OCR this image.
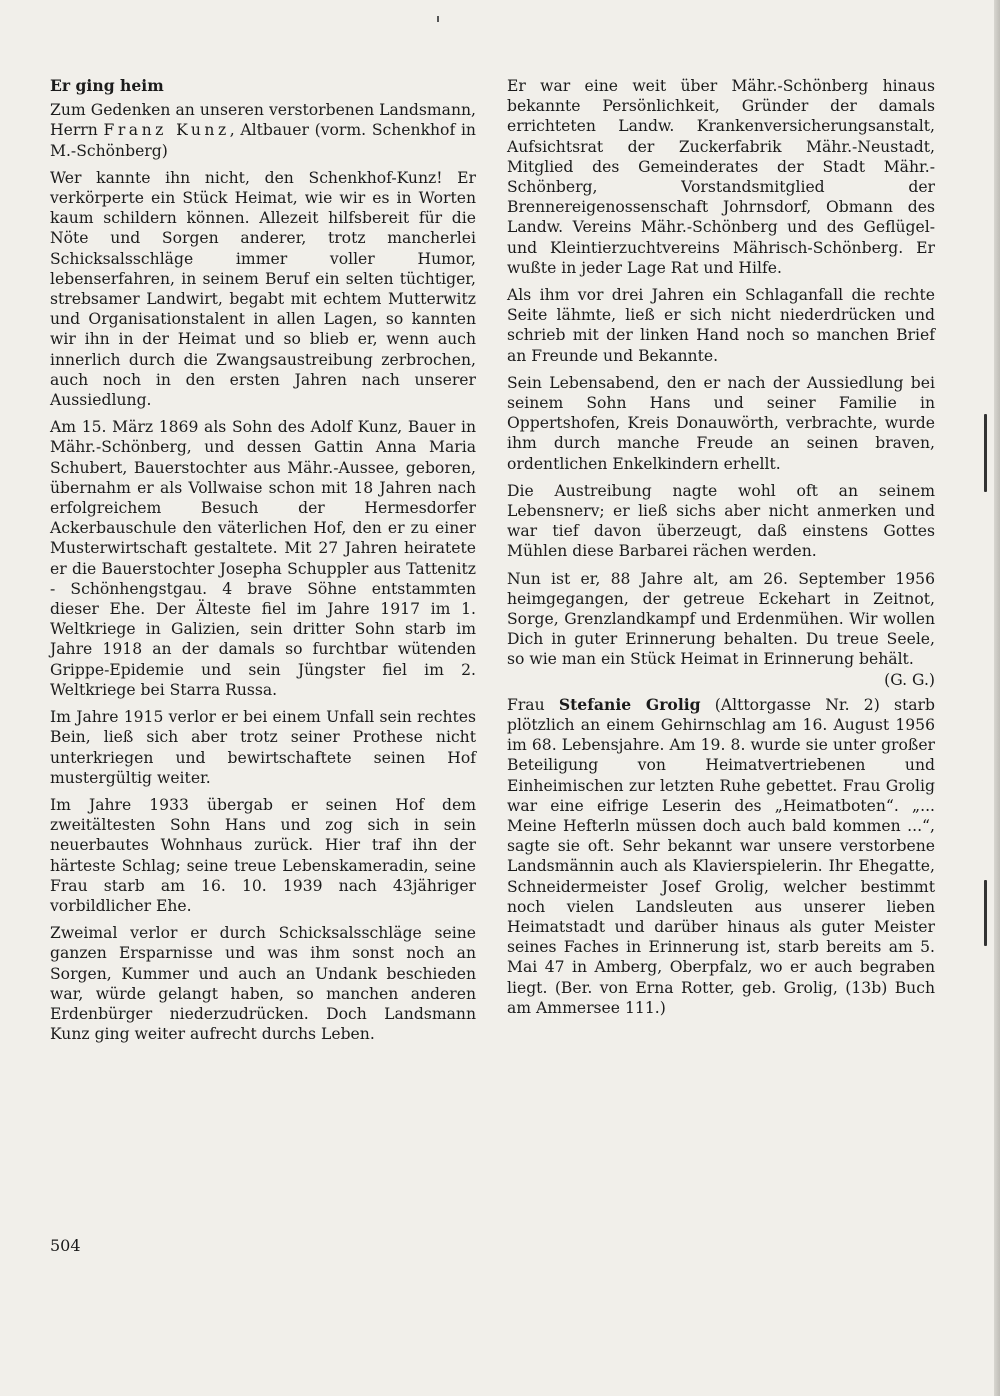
Er ging heim

Zum Gedenken an unseren verstorbenen Landsmann, Herrn Franz Kunz, Altbauer (vorm. Schenkhof in M.-Schönberg)

Wer kannte ihn nicht, den Schenkhof-Kunz! Er verkörperte ein Stück Heimat, wie wir es in Worten kaum schildern können. Allezeit hilfsbereit für die Nöte und Sorgen anderer, trotz mancherlei Schicksalsschläge immer voller Humor, lebenserfahren, in seinem Beruf ein selten tüchtiger, strebsamer Landwirt, begabt mit echtem Mutterwitz und Organisationstalent in allen Lagen, so kannten wir ihn in der Heimat und so blieb er, wenn auch innerlich durch die Zwangsaustreibung zerbrochen, auch noch in den ersten Jahren nach unserer Aussiedlung.

Am 15. März 1869 als Sohn des Adolf Kunz, Bauer in Mähr.-Schönberg, und dessen Gattin Anna Maria Schubert, Bauerstochter aus Mähr.-Aussee, geboren, übernahm er als Vollwaise schon mit 18 Jahren nach erfolgreichem Besuch der Hermesdorfer Ackerbauschule den väterlichen Hof, den er zu einer Musterwirtschaft gestaltete. Mit 27 Jahren heiratete er die Bauerstochter Josepha Schuppler aus Tattenitz - Schönhengstgau. 4 brave Söhne entstammten dieser Ehe. Der Älteste fiel im Jahre 1917 im 1. Weltkriege in Galizien, sein dritter Sohn starb im Jahre 1918 an der damals so furchtbar wütenden Grippe-Epidemie und sein Jüngster fiel im 2. Weltkriege bei Starra Russa.

Im Jahre 1915 verlor er bei einem Unfall sein rechtes Bein, ließ sich aber trotz seiner Prothese nicht unterkriegen und bewirtschaftete seinen Hof mustergültig weiter.

Im Jahre 1933 übergab er seinen Hof dem zweitältesten Sohn Hans und zog sich in sein neuerbautes Wohnhaus zurück. Hier traf ihn der härteste Schlag; seine treue Lebenskameradin, seine Frau starb am 16. 10. 1939 nach 43jähriger vorbildlicher Ehe.

Zweimal verlor er durch Schicksalsschläge seine ganzen Ersparnisse und was ihm sonst noch an Sorgen, Kummer und auch an Undank beschieden war, würde gelangt haben, so manchen anderen Erdenbürger niederzudrücken. Doch Landsmann Kunz ging weiter aufrecht durchs Leben.

Er war eine weit über Mähr.-Schönberg hinaus bekannte Persönlichkeit, Gründer der damals errichteten Landw. Krankenversicherungsanstalt, Aufsichtsrat der Zuckerfabrik Mähr.-Neustadt, Mitglied des Gemeinderates der Stadt Mähr.-Schönberg, Vorstandsmitglied der Brennereigenossenschaft Johrnsdorf, Obmann des Landw. Vereins Mähr.-Schönberg und des Geflügel- und Kleintierzuchtvereins Mährisch-Schönberg. Er wußte in jeder Lage Rat und Hilfe.

Als ihm vor drei Jahren ein Schlaganfall die rechte Seite lähmte, ließ er sich nicht niederdrücken und schrieb mit der linken Hand noch so manchen Brief an Freunde und Bekannte.

Sein Lebensabend, den er nach der Aussiedlung bei seinem Sohn Hans und seiner Familie in Oppertshofen, Kreis Donauwörth, verbrachte, wurde ihm durch manche Freude an seinen braven, ordentlichen Enkelkindern erhellt.

Die Austreibung nagte wohl oft an seinem Lebensnerv; er ließ sichs aber nicht anmerken und war tief davon überzeugt, daß einstens Gottes Mühlen diese Barbarei rächen werden.

Nun ist er, 88 Jahre alt, am 26. September 1956 heimgegangen, der getreue Eckehart in Zeitnot, Sorge, Grenzlandkampf und Erdenmühen. Wir wollen Dich in guter Erinnerung behalten. Du treue Seele, so wie man ein Stück Heimat in Erinnerung behält.
(G. G.)

Frau Stefanie Grolig (Alttorgasse Nr. 2) starb plötzlich an einem Gehirnschlag am 16. August 1956 im 68. Lebensjahre. Am 19. 8. wurde sie unter großer Beteiligung von Heimatvertriebenen und Einheimischen zur letzten Ruhe gebettet. Frau Grolig war eine eifrige Leserin des „Heimatboten“. „... Meine Hefterln müssen doch auch bald kommen ...“, sagte sie oft. Sehr bekannt war unsere verstorbene Landsmännin auch als Klavierspielerin. Ihr Ehegatte, Schneidermeister Josef Grolig, welcher bestimmt noch vielen Landsleuten aus unserer lieben Heimatstadt und darüber hinaus als guter Meister seines Faches in Erinnerung ist, starb bereits am 5. Mai 47 in Amberg, Oberpfalz, wo er auch begraben liegt. (Ber. von Erna Rotter, geb. Grolig, (13b) Buch am Ammersee 111.)

504
